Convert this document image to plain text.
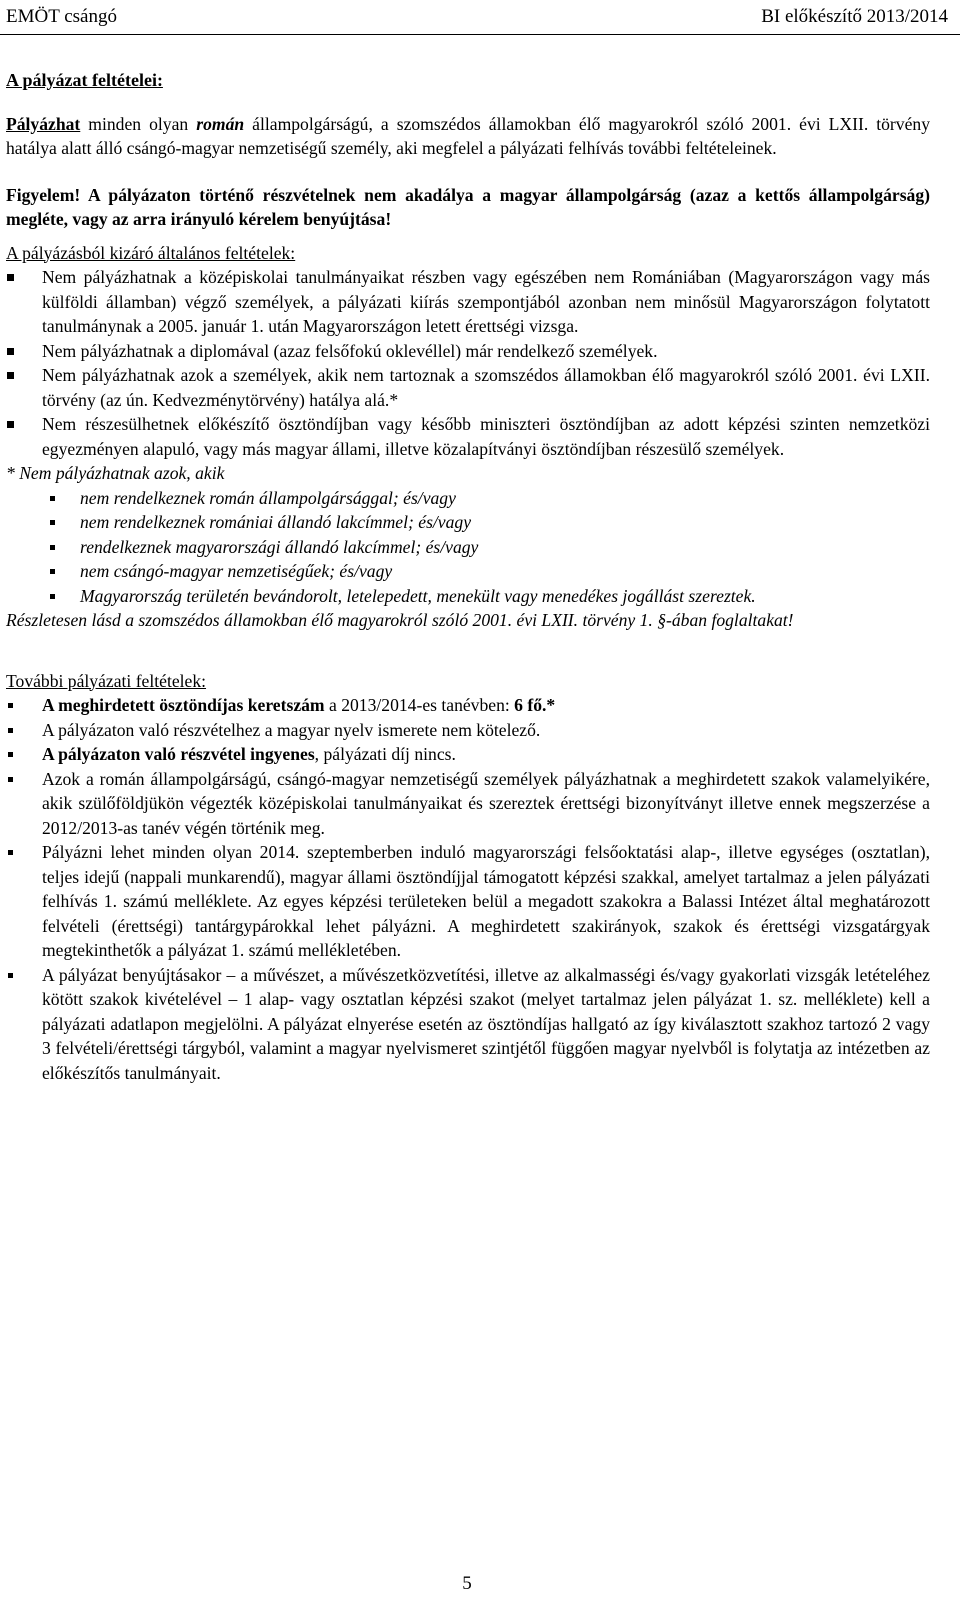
EMÖT csángó	BI előkészítő 2013/2014

A pályázat feltételei:

Pályázhat minden olyan román állampolgárságú, a szomszédos államokban élő magyarokról szóló 2001. évi LXII. törvény hatálya alatt álló csángó-magyar nemzetiségű személy, aki megfelel a pályázati felhívás további feltételeinek.

Figyelem! A pályázaton történő részvételnek nem akadálya a magyar állampolgárság (azaz a kettős állampolgárság) megléte, vagy az arra irányuló kérelem benyújtása!

A pályázásból kizáró általános feltételek:

Nem pályázhatnak a középiskolai tanulmányaikat részben vagy egészében nem Romániában (Magyarországon vagy más külföldi államban) végző személyek, a pályázati kiírás szempontjából azonban nem minősül Magyarországon folytatott tanulmánynak a 2005. január 1. után Magyarországon letett érettségi vizsga.
Nem pályázhatnak a diplomával (azaz felsőfokú oklevéllel) már rendelkező személyek.
Nem pályázhatnak azok a személyek, akik nem tartoznak a szomszédos államokban élő magyarokról szóló 2001. évi LXII. törvény (az ún. Kedvezménytörvény) hatálya alá.*
Nem részesülhetnek előkészítő ösztöndíjban vagy később miniszteri ösztöndíjban az adott képzési szinten nemzetközi egyezményen alapuló, vagy más magyar állami, illetve közalapítványi ösztöndíjban részesülő személyek.

* Nem pályázhatnak azok, akik

nem rendelkeznek román állampolgársággal; és/vagy
nem rendelkeznek romániai állandó lakcímmel; és/vagy
rendelkeznek magyarországi állandó lakcímmel; és/vagy
nem csángó-magyar nemzetiségűek; és/vagy
Magyarország területén bevándorolt, letelepedett, menekült vagy menedékes jogállást szereztek.

Részletesen lásd a szomszédos államokban élő magyarokról szóló 2001. évi LXII. törvény 1. §-ában foglaltakat!

További pályázati feltételek:

A meghirdetett ösztöndíjas keretszám a 2013/2014-es tanévben: 6 fő.*
A pályázaton való részvételhez a magyar nyelv ismerete nem kötelező.
A pályázaton való részvétel ingyenes, pályázati díj nincs.
Azok a román állampolgárságú, csángó-magyar nemzetiségű személyek pályázhatnak a meghirdetett szakok valamelyikére, akik szülőföldjükön végezték középiskolai tanulmányaikat és szereztek érettségi bizonyítványt illetve ennek megszerzése a 2012/2013-as tanév végén történik meg.
Pályázni lehet minden olyan 2014. szeptemberben induló magyarországi felsőoktatási alap-, illetve egységes (osztatlan), teljes idejű (nappali munkarendű), magyar állami ösztöndíjjal támogatott képzési szakkal, amelyet tartalmaz a jelen pályázati felhívás 1. számú melléklete. Az egyes képzési területeken belül a megadott szakokra a Balassi Intézet által meghatározott felvételi (érettségi) tantárgypárokkal lehet pályázni. A meghirdetett szakirányok, szakok és érettségi vizsgatárgyak megtekinthetők a pályázat 1. számú mellékletében.
A pályázat benyújtásakor – a művészet, a művészetközvetítési, illetve az alkalmasségi és/vagy gyakorlati vizsgák letételéhez kötött szakok kivételével – 1 alap- vagy osztatlan képzési szakot (melyet tartalmaz jelen pályázat 1. sz. melléklete) kell a pályázati adatlapon megjelölni. A pályázat elnyerése esetén az ösztöndíjas hallgató az így kiválasztott szakhoz tartozó 2 vagy 3 felvételi/érettségi tárgyból, valamint a magyar nyelvismeret szintjétől függően magyar nyelvből is folytatja az intézetben az előkészítős tanulmányait.
5
